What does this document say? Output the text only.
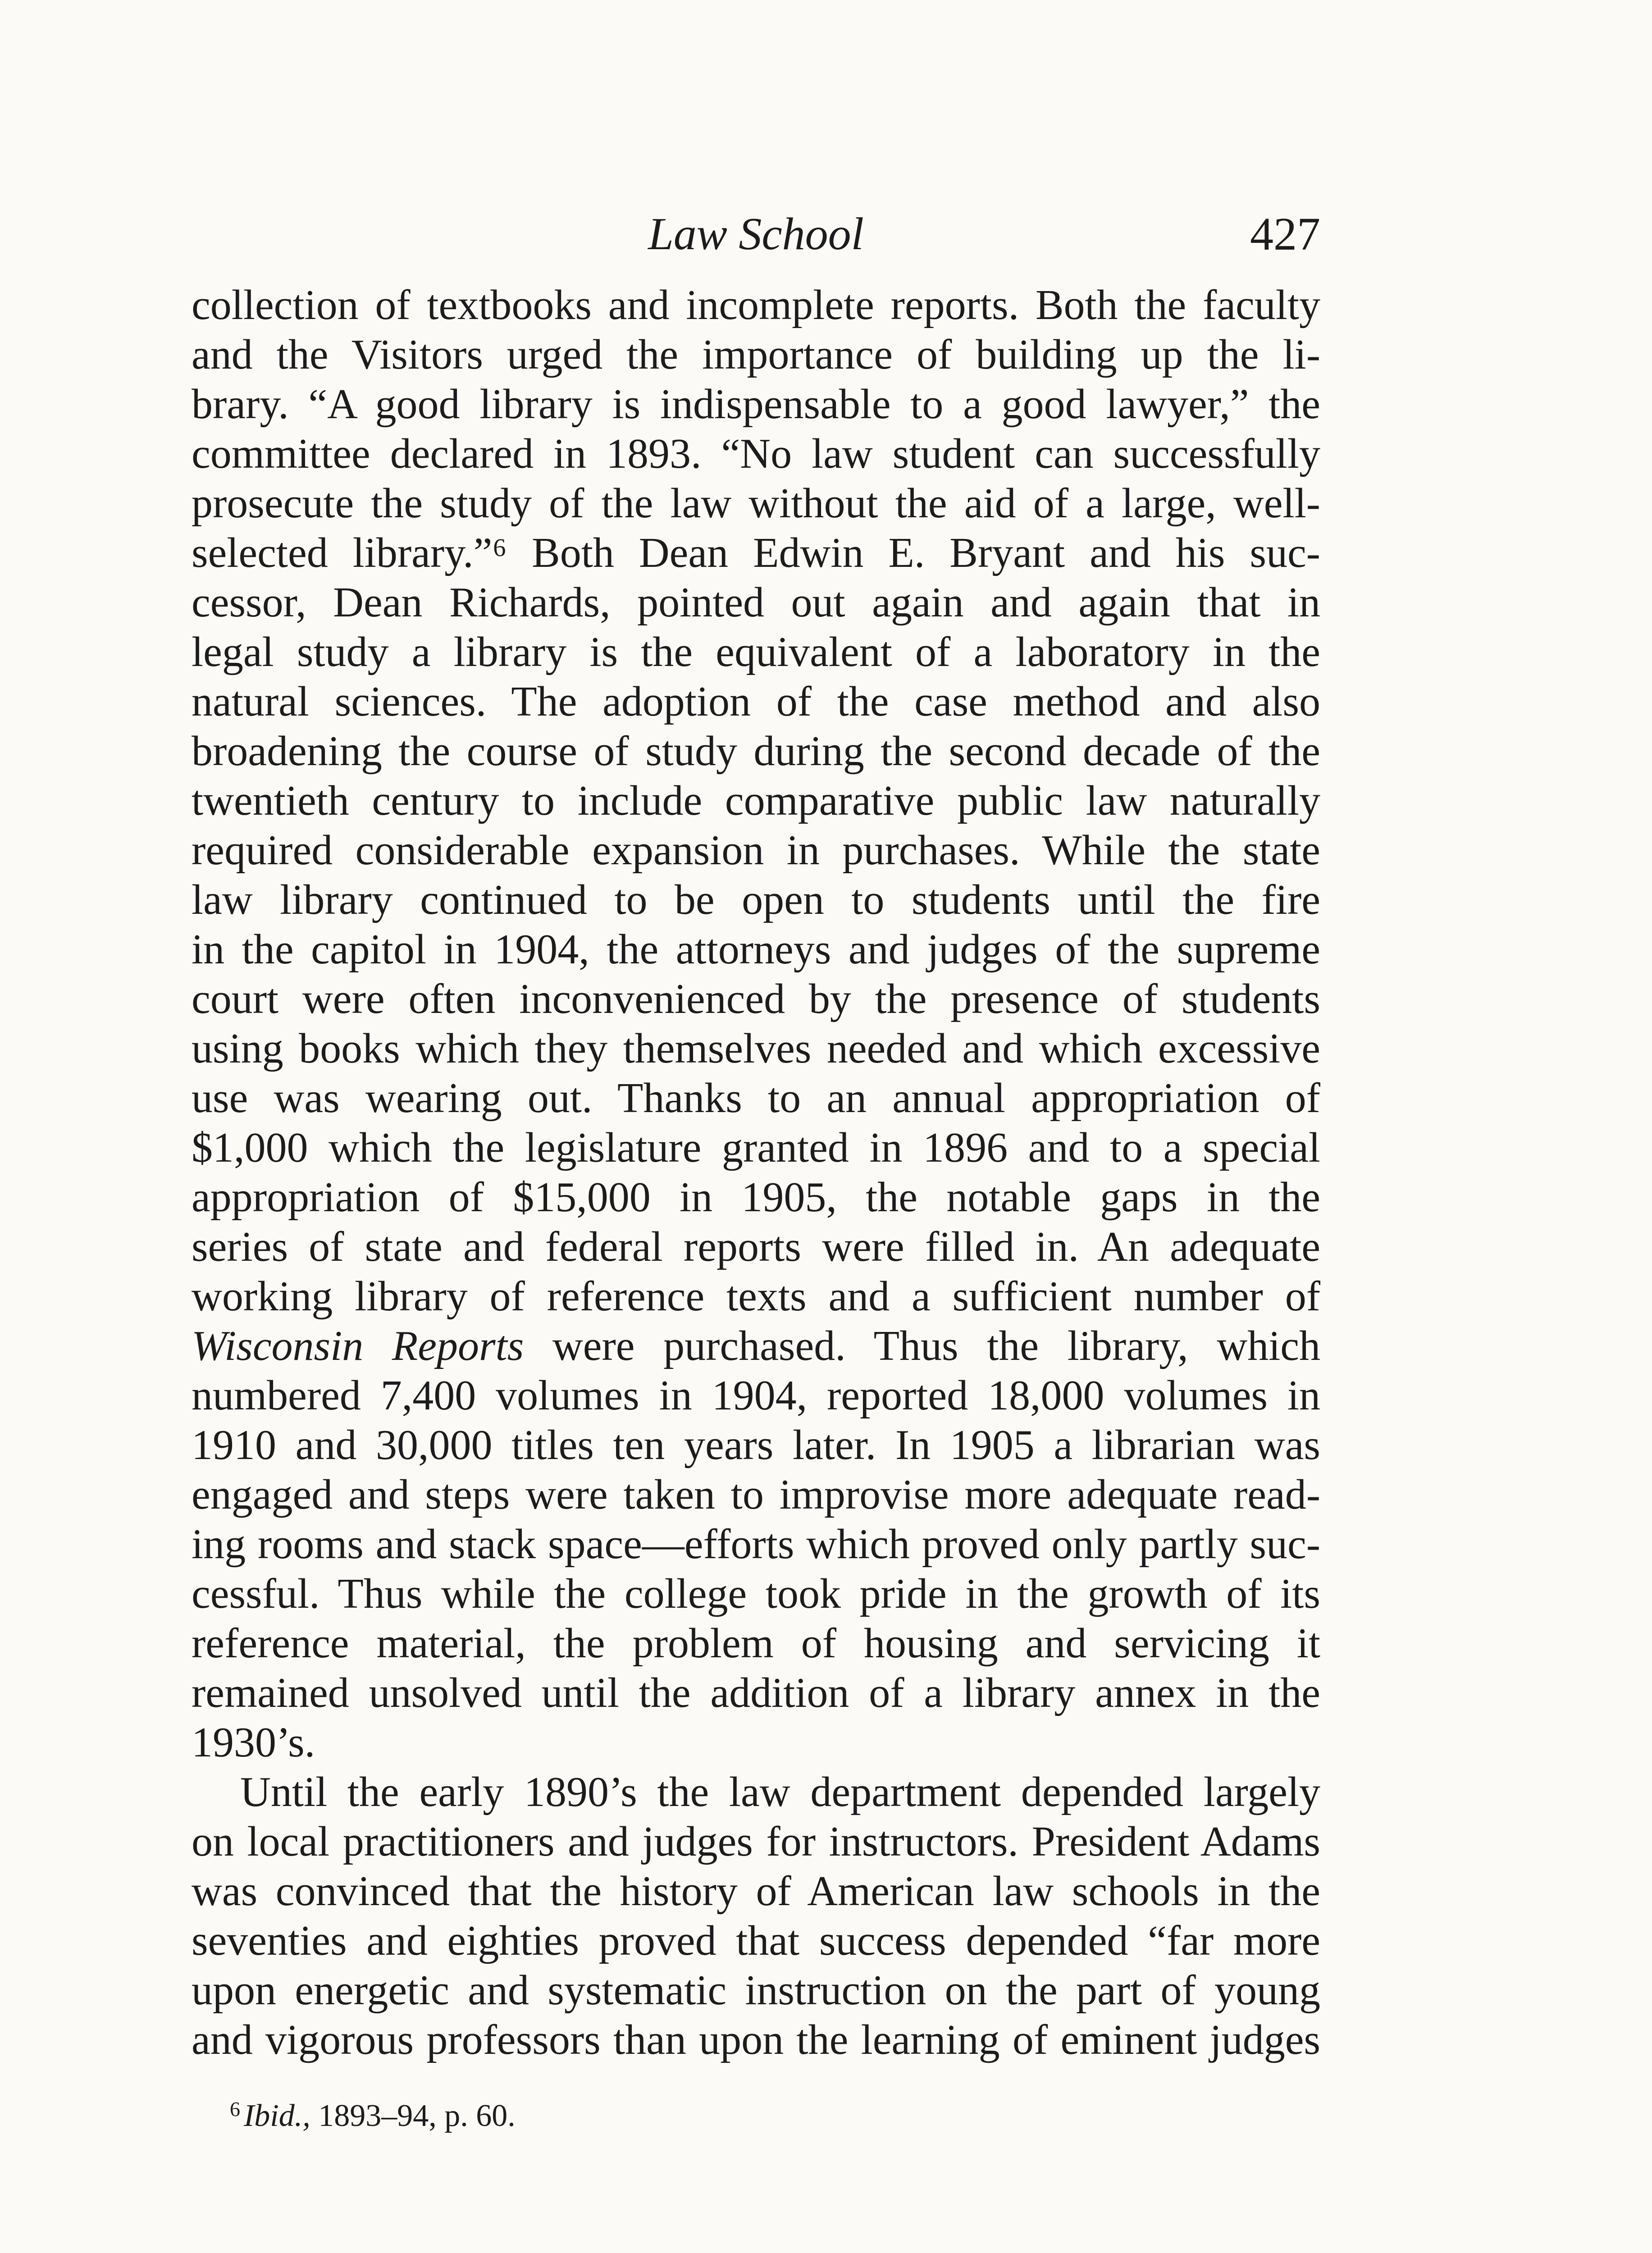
Law School	427
collection of textbooks and incomplete reports. Both the faculty
and the Visitors urged the importance of building up the li-
brary. “A good library is indispensable to a good lawyer,” the
committee declared in 1893. “No law student can successfully
prosecute the study of the law without the aid of a large, well-
selected library.”⁶ Both Dean Edwin E. Bryant and his suc-
cessor, Dean Richards, pointed out again and again that in
legal study a library is the equivalent of a laboratory in the
natural sciences. The adoption of the case method and also
broadening the course of study during the second decade of the
twentieth century to include comparative public law naturally
required considerable expansion in purchases. While the state
law library continued to be open to students until the fire
in the capitol in 1904, the attorneys and judges of the supreme
court were often inconvenienced by the presence of students
using books which they themselves needed and which excessive
use was wearing out. Thanks to an annual appropriation of
$1,000 which the legislature granted in 1896 and to a special
appropriation of $15,000 in 1905, the notable gaps in the
series of state and federal reports were filled in. An adequate
working library of reference texts and a sufficient number of
Wisconsin Reports were purchased. Thus the library, which
numbered 7,400 volumes in 1904, reported 18,000 volumes in
1910 and 30,000 titles ten years later. In 1905 a librarian was
engaged and steps were taken to improvise more adequate read-
ing rooms and stack space—efforts which proved only partly suc-
cessful. Thus while the college took pride in the growth of its
reference material, the problem of housing and servicing it
remained unsolved until the addition of a library annex in the
1930’s.
Until the early 1890’s the law department depended largely
on local practitioners and judges for instructors. President Adams
was convinced that the history of American law schools in the
seventies and eighties proved that success depended “far more
upon energetic and systematic instruction on the part of young
and vigorous professors than upon the learning of eminent judges
$^6$ Ibid., 1893–94, p. 60.
